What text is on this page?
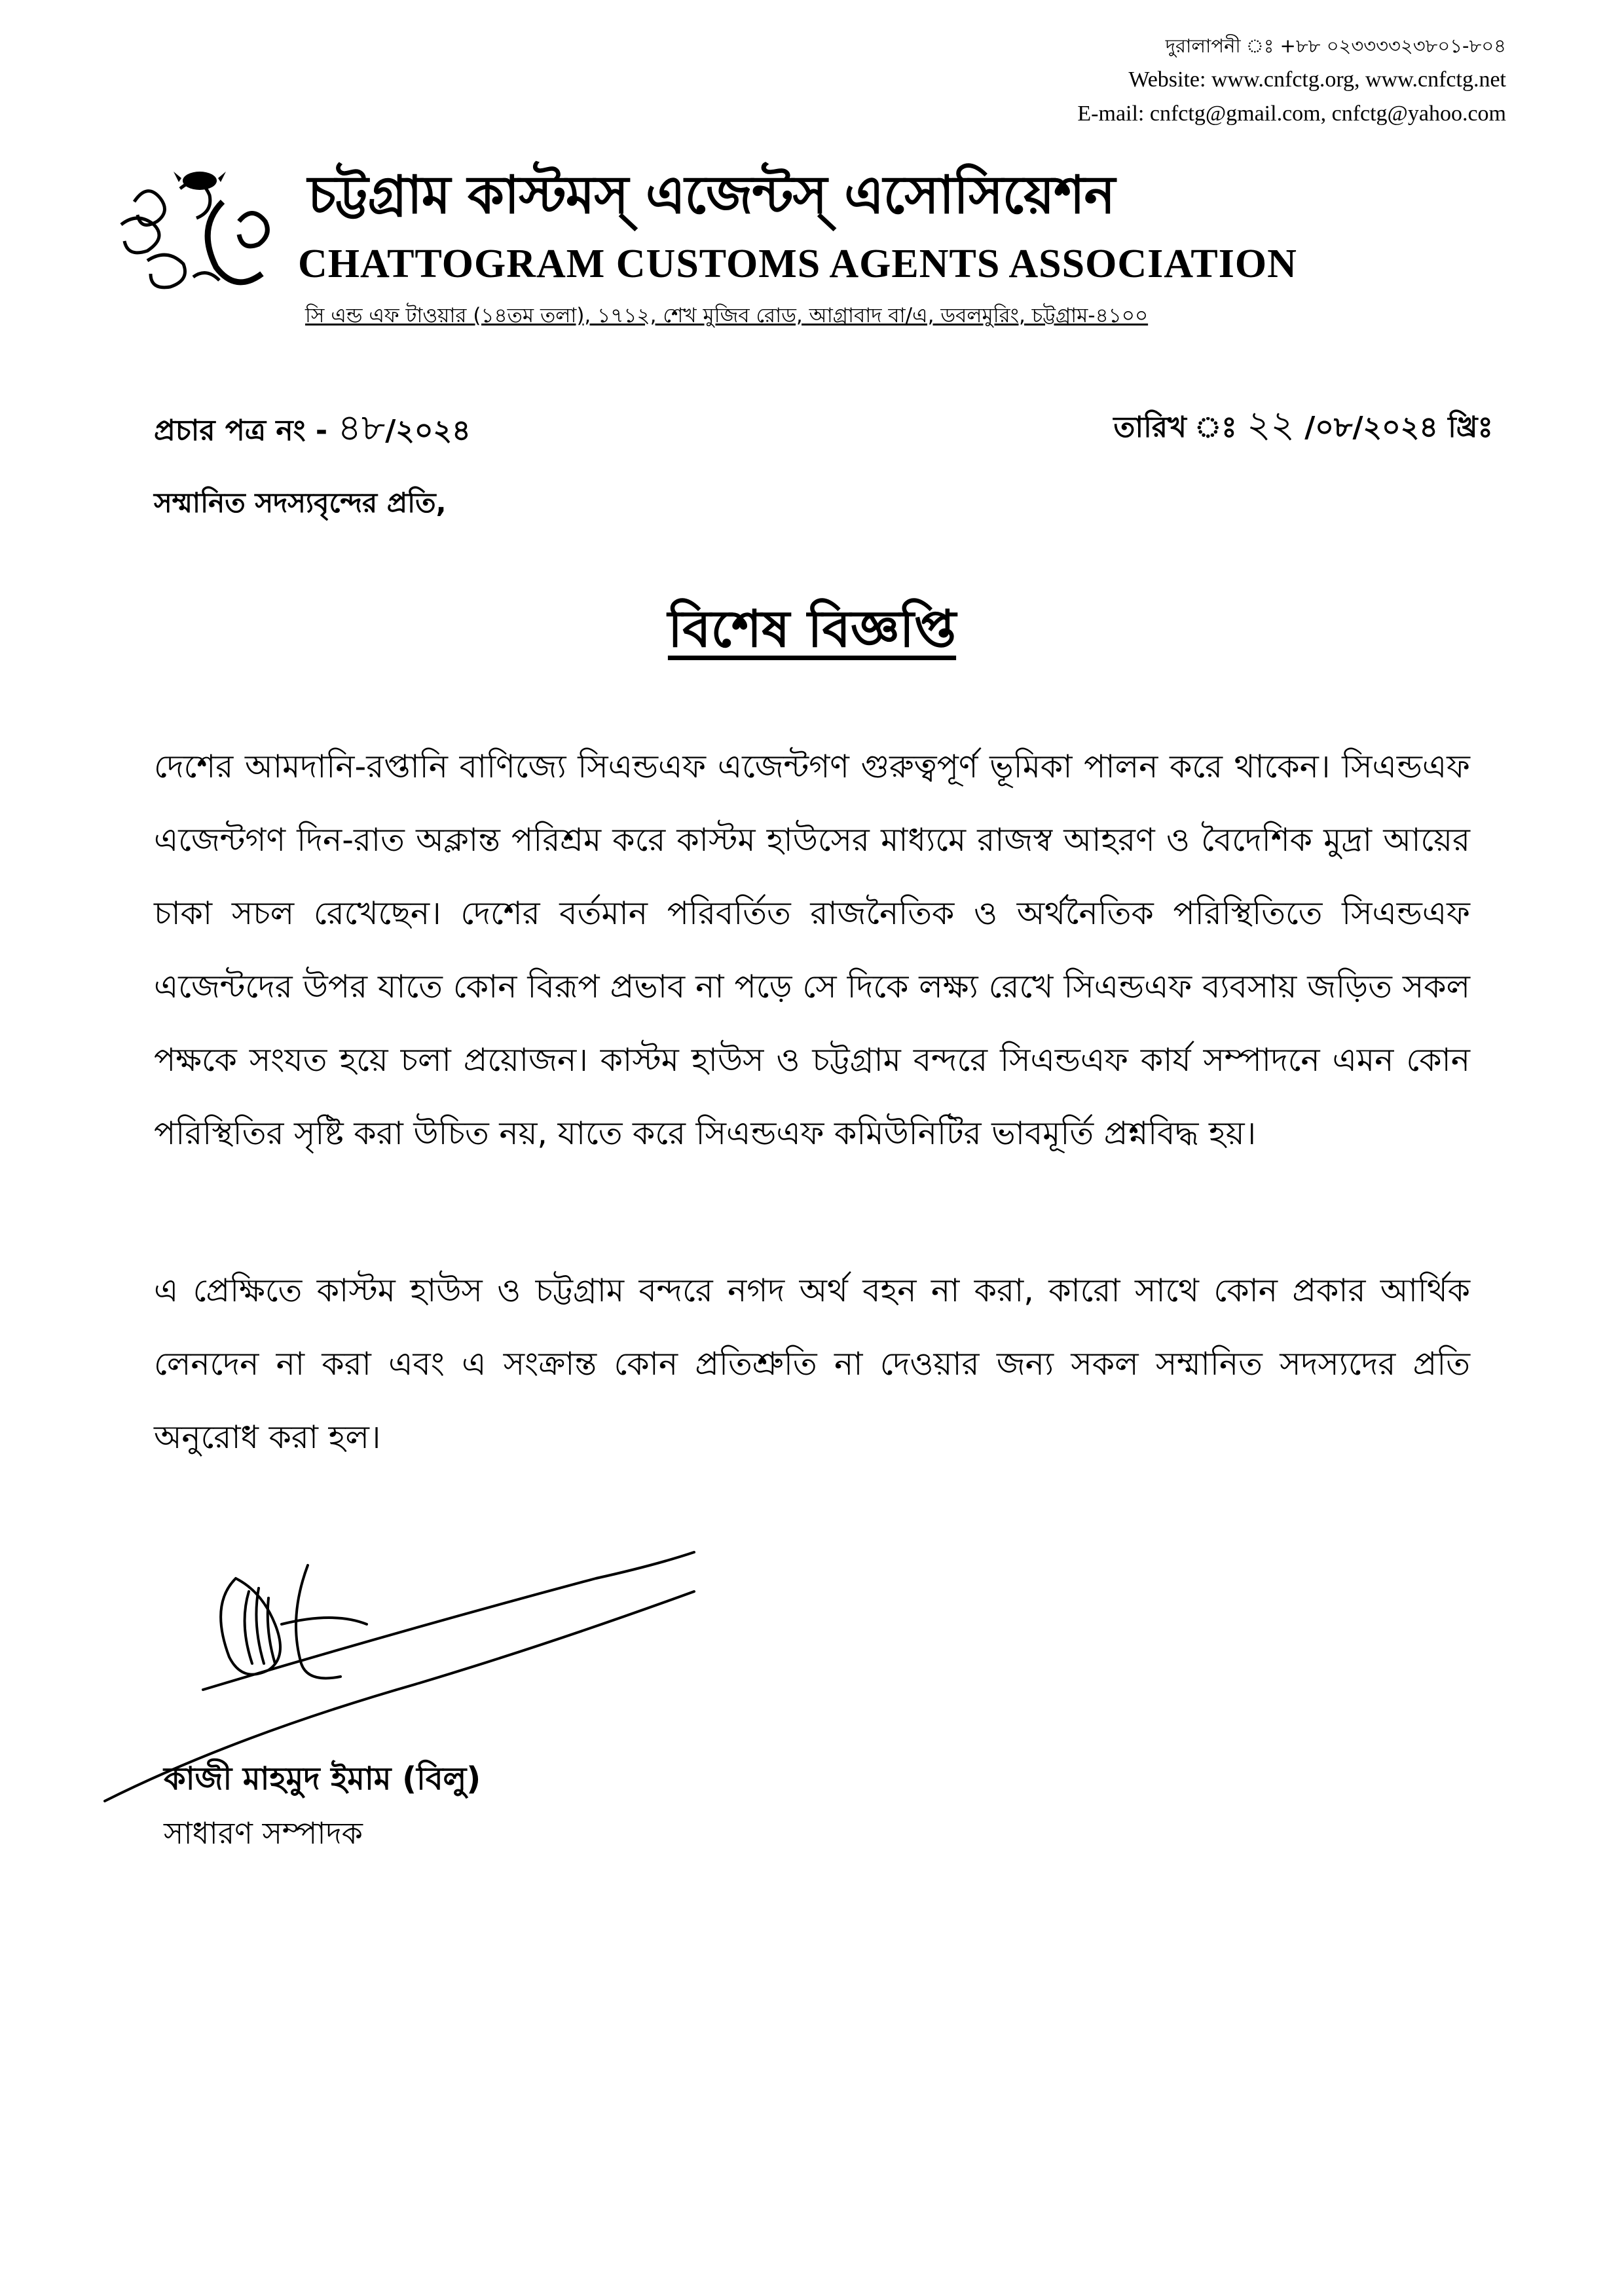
দুরালাপনী ঃ +৮৮ ০২৩৩৩৩২৩৮০১-৮০৪
Website: www.cnfctg.org, www.cnfctg.net
E-mail: cnfctg@gmail.com, cnfctg@yahoo.com
চট্টগ্রাম কাস্টমস্ এজেন্টস্ এসোসিয়েশন
CHATTOGRAM CUSTOMS AGENTS ASSOCIATION
সি এন্ড এফ টাওয়ার (১৪তম তলা), ১৭১২, শেখ মুজিব রোড, আগ্রাবাদ বা/এ, ডবলমুরিং, চট্টগ্রাম-৪১০০
প্রচার পত্র নং - ৪৮/২০২৪	তারিখ ঃ ২২ /০৮/২০২৪ খ্রিঃ
সম্মানিত সদস্যবৃন্দের প্রতি,
বিশেষ বিজ্ঞপ্তি
দেশের আমদানি-রপ্তানি বাণিজ্যে সিএন্ডএফ এজেন্টগণ গুরুত্বপূর্ণ ভূমিকা পালন করে থাকেন। সিএন্ডএফ এজেন্টগণ দিন-রাত অক্লান্ত পরিশ্রম করে কাস্টম হাউসের মাধ্যমে রাজস্ব আহরণ ও বৈদেশিক মুদ্রা আয়ের চাকা সচল রেখেছেন। দেশের বর্তমান পরিবর্তিত রাজনৈতিক ও অর্থনৈতিক পরিস্থিতিতে সিএন্ডএফ এজেন্টদের উপর যাতে কোন বিরূপ প্রভাব না পড়ে সে দিকে লক্ষ্য রেখে সিএন্ডএফ ব্যবসায় জড়িত সকল পক্ষকে সংযত হয়ে চলা প্রয়োজন। কাস্টম হাউস ও চট্টগ্রাম বন্দরে সিএন্ডএফ কার্য সম্পাদনে এমন কোন পরিস্থিতির সৃষ্টি করা উচিত নয়, যাতে করে সিএন্ডএফ কমিউনিটির ভাবমূর্তি প্রশ্নবিদ্ধ হয়।
এ প্রেক্ষিতে কাস্টম হাউস ও চট্টগ্রাম বন্দরে নগদ অর্থ বহন না করা, কারো সাথে কোন প্রকার আর্থিক লেনদেন না করা এবং এ সংক্রান্ত কোন প্রতিশ্রুতি না দেওয়ার জন্য সকল সম্মানিত সদস্যদের প্রতি অনুরোধ করা হল।
কাজী মাহমুদ ইমাম (বিলু)
সাধারণ সম্পাদক
